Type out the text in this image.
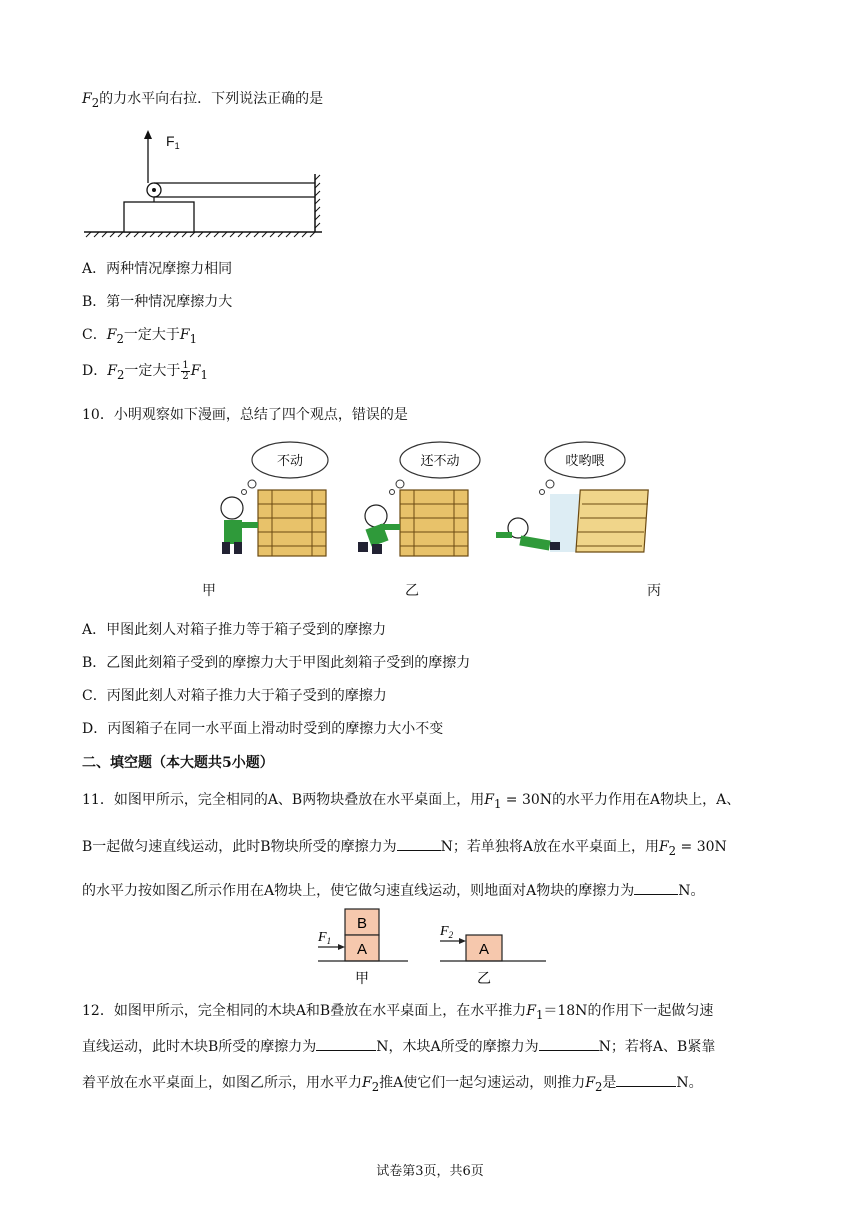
$F_2$的力水平向右拉．下列说法正确的是
$F_1$
A．两种情况摩擦力相同
B．第一种情况摩擦力大
C．$F_2$一定大于$F_1$
D．$F_2$一定大于 $\frac{1}{2} F_1$
10．小明观察如下漫画，总结了四个观点，错误的是
不动	还不动	哎哟喂
甲	乙	丙
A．甲图此刻人对箱子推力等于箱子受到的摩擦力
B．乙图此刻箱子受到的摩擦力大于甲图此刻箱子受到的摩擦力
C．丙图此刻人对箱子推力大于箱子受到的摩擦力
D．丙图箱子在同一水平面上滑动时受到的摩擦力大小不变
二、填空题（本大题共5小题）
11．如图甲所示，完全相同的A、B两物块叠放在水平桌面上，用$F_1 = 30N$的水平力作用在A物块上，A、
B一起做匀速直线运动，此时B物块所受的摩擦力为	N；若单独将A放在水平桌面上，用$F_2 = 30N$
的水平力按如图乙所示作用在A物块上，使它做匀速直线运动，则地面对A物块的摩擦力为	N。
B
A
$F_1$
甲
A
$F_2$
乙
12．如图甲所示，完全相同的木块A和B叠放在水平桌面上，在水平推力$F_1=18N$的作用下一起做匀速
直线运动，此时木块B所受的摩擦力为	N，木块A所受的摩擦力为	N；若将A、B紧靠
着平放在水平桌面上，如图乙所示，用水平力$F_2$推A使它们一起匀速运动，则推力$F_2$是	N。
试卷第3页，共6页
